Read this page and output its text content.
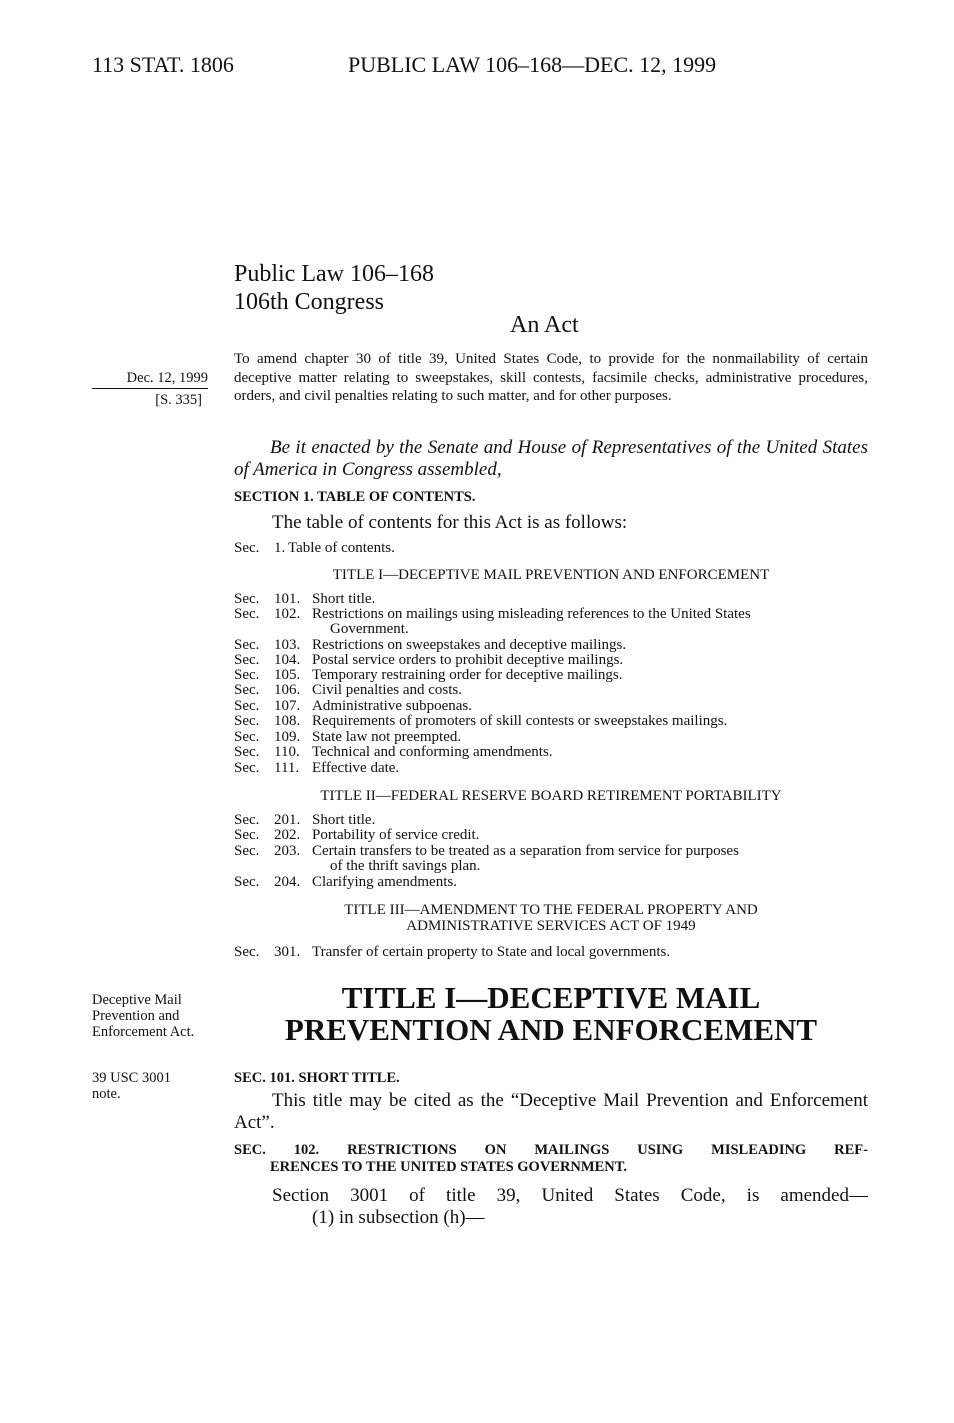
113 STAT. 1806	PUBLIC LAW 106–168—DEC. 12, 1999
Public Law 106–168
106th Congress
An Act
Dec. 12, 1999
[S. 335]
Deceptive Mail
Prevention and
Enforcement Act.
39 USC 3001
note.

To amend chapter 30 of title 39, United States Code, to provide for the nonmailability of certain deceptive matter relating to sweepstakes, skill contests, facsimile checks, administrative procedures, orders, and civil penalties relating to such matter, and for other purposes.

Be it enacted by the Senate and House of Representatives of the United States of America in Congress assembled,

SECTION 1. TABLE OF CONTENTS.
The table of contents for this Act is as follows:
Sec. 1. Table of contents.
TITLE I—DECEPTIVE MAIL PREVENTION AND ENFORCEMENT
Sec. 101. Short title.
Sec. 102. Restrictions on mailings using misleading references to the United States
Government.
Sec. 103. Restrictions on sweepstakes and deceptive mailings.
Sec. 104. Postal service orders to prohibit deceptive mailings.
Sec. 105. Temporary restraining order for deceptive mailings.
Sec. 106. Civil penalties and costs.
Sec. 107. Administrative subpoenas.
Sec. 108. Requirements of promoters of skill contests or sweepstakes mailings.
Sec. 109. State law not preempted.
Sec. 110. Technical and conforming amendments.
Sec. 111. Effective date.
TITLE II—FEDERAL RESERVE BOARD RETIREMENT PORTABILITY
Sec. 201. Short title.
Sec. 202. Portability of service credit.
Sec. 203. Certain transfers to be treated as a separation from service for purposes
of the thrift savings plan.
Sec. 204. Clarifying amendments.
TITLE III—AMENDMENT TO THE FEDERAL PROPERTY AND
ADMINISTRATIVE SERVICES ACT OF 1949
Sec. 301. Transfer of certain property to State and local governments.
TITLE I—DECEPTIVE MAIL
PREVENTION AND ENFORCEMENT
SEC. 101. SHORT TITLE.

This title may be cited as the “Deceptive Mail Prevention and Enforcement Act”.

SEC. 102. RESTRICTIONS ON MAILINGS USING MISLEADING REF-
ERENCES TO THE UNITED STATES GOVERNMENT.

Section 3001 of title 39, United States Code, is amended—

(1) in subsection (h)—
